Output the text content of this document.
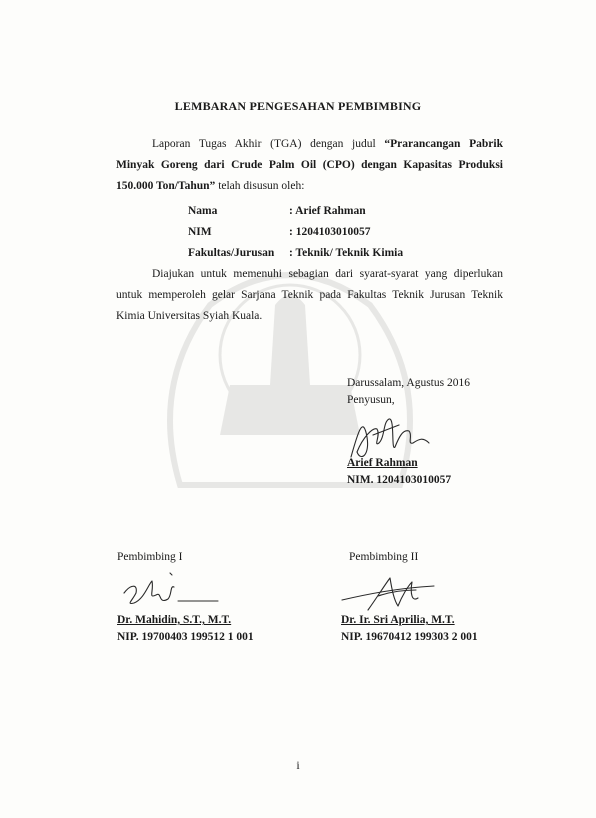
LEMBARAN PENGESAHAN PEMBIMBING
Laporan Tugas Akhir (TGA) dengan judul “Prarancangan Pabrik Minyak Goreng dari Crude Palm Oil (CPO) dengan Kapasitas Produksi 150.000 Ton/Tahun” telah disusun oleh:
Nama	: Arief Rahman
NIM	: 1204103010057
Fakultas/Jurusan	: Teknik/ Teknik Kimia
Diajukan untuk memenuhi sebagian dari syarat-syarat yang diperlukan untuk memperoleh gelar Sarjana Teknik pada Fakultas Teknik Jurusan Teknik Kimia Universitas Syiah Kuala.
Darussalam, Agustus 2016
Penyusun,
Arief Rahman
NIM. 1204103010057
Pembimbing I
Dr. Mahidin, S.T., M.T.
NIP. 19700403 199512 1 001
Pembimbing II
Dr. Ir. Sri Aprilia, M.T.
NIP. 19670412 199303 2 001
i
